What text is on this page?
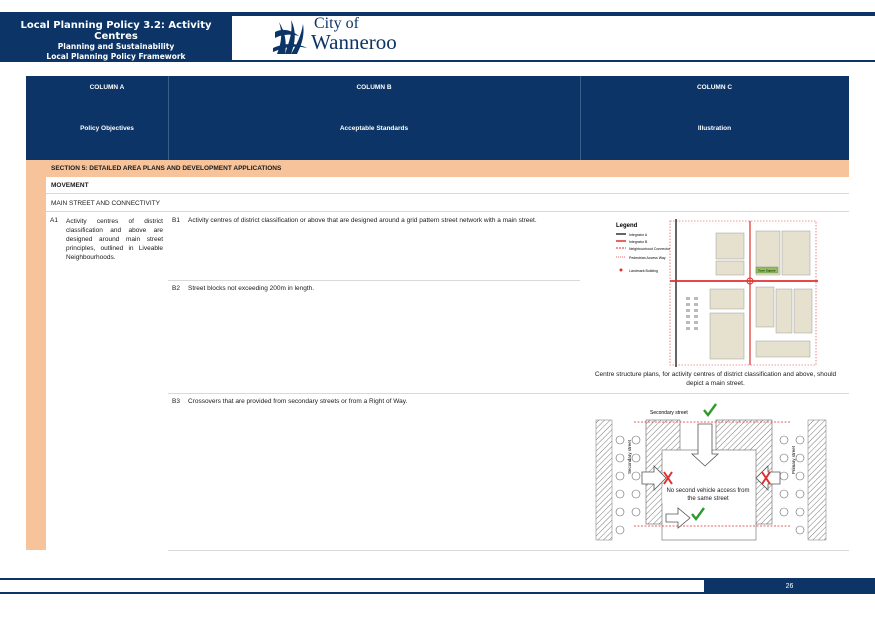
Local Planning Policy 3.2: Activity Centres
Planning and Sustainability
Local Planning Policy Framework
City of
Wanneroo
COLUMN A
Policy Objectives
COLUMN B
Acceptable Standards
COLUMN C
Illustration
SECTION 5: DETAILED AREA PLANS AND DEVELOPMENT APPLICATIONS
MOVEMENT
MAIN STREET AND CONNECTIVITY
A1 Activity centres of district classification and above are designed around main street principles, outlined in Liveable Neighbourhoods.
B1 Activity centres of district classification or above that are designed around a grid pattern street network with a main street.
B2 Street blocks not exceeding 200m in length.
B3 Crossovers that are provided from secondary streets or from a Right of Way.
Legend
Integrator A
Integrator B
Neighbourhood Connector
Pedestrian Access Way
Landmark Building	Town Square
Centre structure plans, for activity centres of district classification and above, should depict a main street.
Secondary street
Secondary street	Primary street
No second vehicle access from the same street
26
